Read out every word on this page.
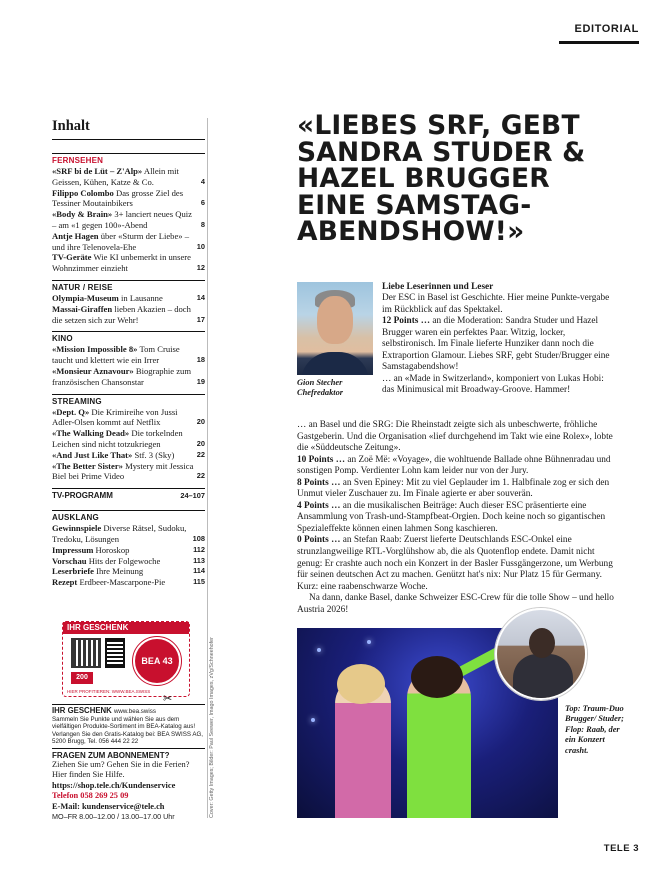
EDITORIAL
Inhalt
FERNSEHEN
«SRF bi de Lüt – Z'Alp» Allein mit Geissen, Kühen, Katze & Co.	4
Filippo Colombo Das grosse Ziel des Tessiner Moutainbikers	6
«Body & Brain» 3+ lanciert neues Quiz – am «1 gegen 100»-Abend	8
Antje Hagen über «Sturm der Liebe» – und ihre Telenovela-Ehe	10
TV-Geräte Wie KI unbemerkt in unsere Wohnzimmer einzieht	12
NATUR / REISE
Olympia-Museum in Lausanne	14
Massai-Giraffen lieben Akazien – doch die setzen sich zur Wehr!	17
KINO
«Mission Impossible 8» Tom Cruise taucht und klettert wie ein Irrer	18
«Monsieur Aznavour» Biographie zum französischen Chansonstar	19
STREAMING
«Dept. Q» Die Krimireihe von Jussi Adler-Olsen kommt auf Netflix	20
«The Walking Dead» Die torkelnden Leichen sind nicht totzukriegen	20
«And Just Like That» Stf. 3 (Sky)	22
«The Better Sister» Mystery mit Jessica Biel bei Prime Video	22
TV-PROGRAMM	24–107
AUSKLANG
Gewinnspiele Diverse Rätsel, Sudoku, Tredoku, Lösungen	108
Impressum Horoskop	112
Vorschau Hits der Folgewoche	113
Leserbriefe Ihre Meinung	114
Rezept Erdbeer-Mascarpone-Pie	115
Cover: Getty Images; Bilder: Paul Seewer, Imago Images, zVg/Schneehofer
IHR GESCHENK
200
BEA 43
HIER PROFITIEREN: WWW.BEA.SWISS
✂
IHR GESCHENK www.bea.swiss
Sammeln Sie Punkte und wählen Sie aus dem vielfältigen Produkte-Sortiment im BEA-Katalog aus! Verlangen Sie den Gratis-Katalog bei: BEA SWISS AG, 5200 Brugg, Tel. 056 444 22 22
FRAGEN ZUM ABONNEMENT?

Ziehen Sie um? Gehen Sie in die Ferien? Hier finden Sie Hilfe.

https://shop.tele.ch/Kundenservice

Telefon 058 269 25 09

E-Mail: kundenservice@tele.ch

MO–FR 8.00–12.00 / 13.00–17.00 Uhr

«LIEBES SRF, GEBT SANDRA STUDER & HAZEL BRUGGER EINE SAMSTAG-ABENDSHOW!»
Gion Stecher
Chefredaktor
Liebe Leserinnen und Leser

Der ESC in Basel ist Geschichte. Hier meine Punkte-vergabe im Rückblick auf das Spektakel.

12 Points … an die Moderation: Sandra Studer und Hazel Brugger waren ein perfektes Paar. Witzig, locker, selbstironisch. Im Finale lieferte Hunziker dann noch die Extraportion Glamour. Liebes SRF, gebt Studer/Brugger eine Samstagabendshow!

… an «Made in Switzerland», komponiert von Lukas Hobi: das Minimusical mit Broadway-Groove. Hammer!

… an Basel und die SRG: Die Rheinstadt zeigte sich als unbeschwerte, fröhliche Gastgeberin. Und die Organisation «lief durchgehend im Takt wie eine Rolex», lobte die «Süddeutsche Zeitung».

10 Points … an Zoë Më: «Voyage», die wohltuende Ballade ohne Bühnenradau und sonstigen Pomp. Verdienter Lohn kam leider nur von der Jury.

8 Points … an Sven Epiney: Mit zu viel Geplauder im 1. Halbfinale zog er sich den Unmut vieler Zuschauer zu. Im Finale agierte er aber souverän.

4 Points … an die musikalischen Beiträge: Auch dieser ESC präsentierte eine Ansammlung von Trash-und-Stampfbeat-Orgien. Doch keine noch so gigantischen Spezialeffekte können einen lahmen Song kaschieren.

0 Points … an Stefan Raab: Zuerst lieferte Deutschlands ESC-Onkel eine strunzlangweilige RTL-Vorglühshow ab, die als Quotenflop endete. Damit nicht genug: Er crashte auch noch ein Konzert in der Basler Fussgängerzone, um Werbung für seinen deutschen Act zu machen. Genützt hat's nix: Nur Platz 15 für Germany. Kurz: eine raabenschwarze Woche.

Na dann, danke Basel, danke Schweizer ESC-Crew für die tolle Show – und hello Austria 2026!

Top: Traum-Duo Brugger/ Studer; Flop: Raab, der ein Konzert crasht.
TELE 3
